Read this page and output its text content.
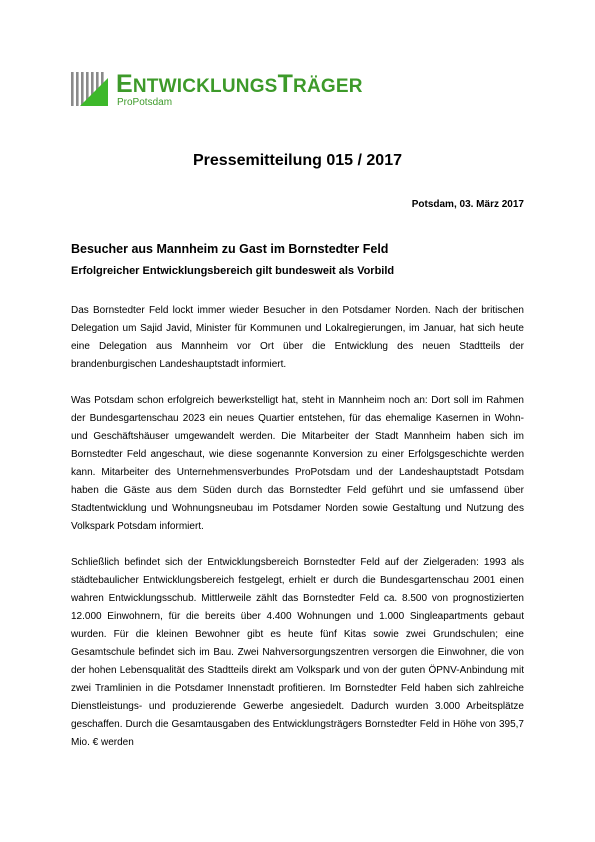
ENTWICKLUNGSTRÄGER
ProPotsdam
Pressemitteilung 015 / 2017
Potsdam, 03. März 2017
Besucher aus Mannheim zu Gast im Bornstedter Feld
Erfolgreicher Entwicklungsbereich gilt bundesweit als Vorbild

Das Bornstedter Feld lockt immer wieder Besucher in den Potsdamer Norden. Nach der britischen Delegation um Sajid Javid, Minister für Kommunen und Lokalregierungen, im Januar, hat sich heute eine Delegation aus Mannheim vor Ort über die Entwicklung des neuen Stadtteils der brandenburgischen Landeshauptstadt informiert.

Was Potsdam schon erfolgreich bewerkstelligt hat, steht in Mannheim noch an: Dort soll im Rahmen der Bundesgartenschau 2023 ein neues Quartier entstehen, für das ehemalige Kasernen in Wohn- und Geschäftshäuser umgewandelt werden. Die Mitarbeiter der Stadt Mannheim haben sich im Bornstedter Feld angeschaut, wie diese sogenannte Konversion zu einer Erfolgsgeschichte werden kann. Mitarbeiter des Unternehmensverbundes ProPotsdam und der Landeshauptstadt Potsdam haben die Gäste aus dem Süden durch das Bornstedter Feld geführt und sie umfassend über Stadtentwicklung und Wohnungsneubau im Potsdamer Norden sowie Gestaltung und Nutzung des Volkspark Potsdam informiert.

Schließlich befindet sich der Entwicklungsbereich Bornstedter Feld auf der Zielgeraden: 1993 als städtebaulicher Entwicklungsbereich festgelegt, erhielt er durch die Bundesgartenschau 2001 einen wahren Entwicklungsschub. Mittlerweile zählt das Bornstedter Feld ca. 8.500 von prognostizierten 12.000 Einwohnern, für die bereits über 4.400 Wohnungen und 1.000 Singleapartments gebaut wurden. Für die kleinen Bewohner gibt es heute fünf Kitas sowie zwei Grundschulen; eine Gesamtschule befindet sich im Bau. Zwei Nahversorgungszentren versorgen die Einwohner, die von der hohen Lebensqualität des Stadtteils direkt am Volkspark und von der guten ÖPNV-Anbindung mit zwei Tramlinien in die Potsdamer Innenstadt profitieren. Im Bornstedter Feld haben sich zahlreiche Dienstleistungs- und produzierende Gewerbe angesiedelt. Dadurch wurden 3.000 Arbeitsplätze geschaffen. Durch die Gesamtausgaben des Entwicklungsträgers Bornstedter Feld in Höhe von 395,7 Mio. € werden
